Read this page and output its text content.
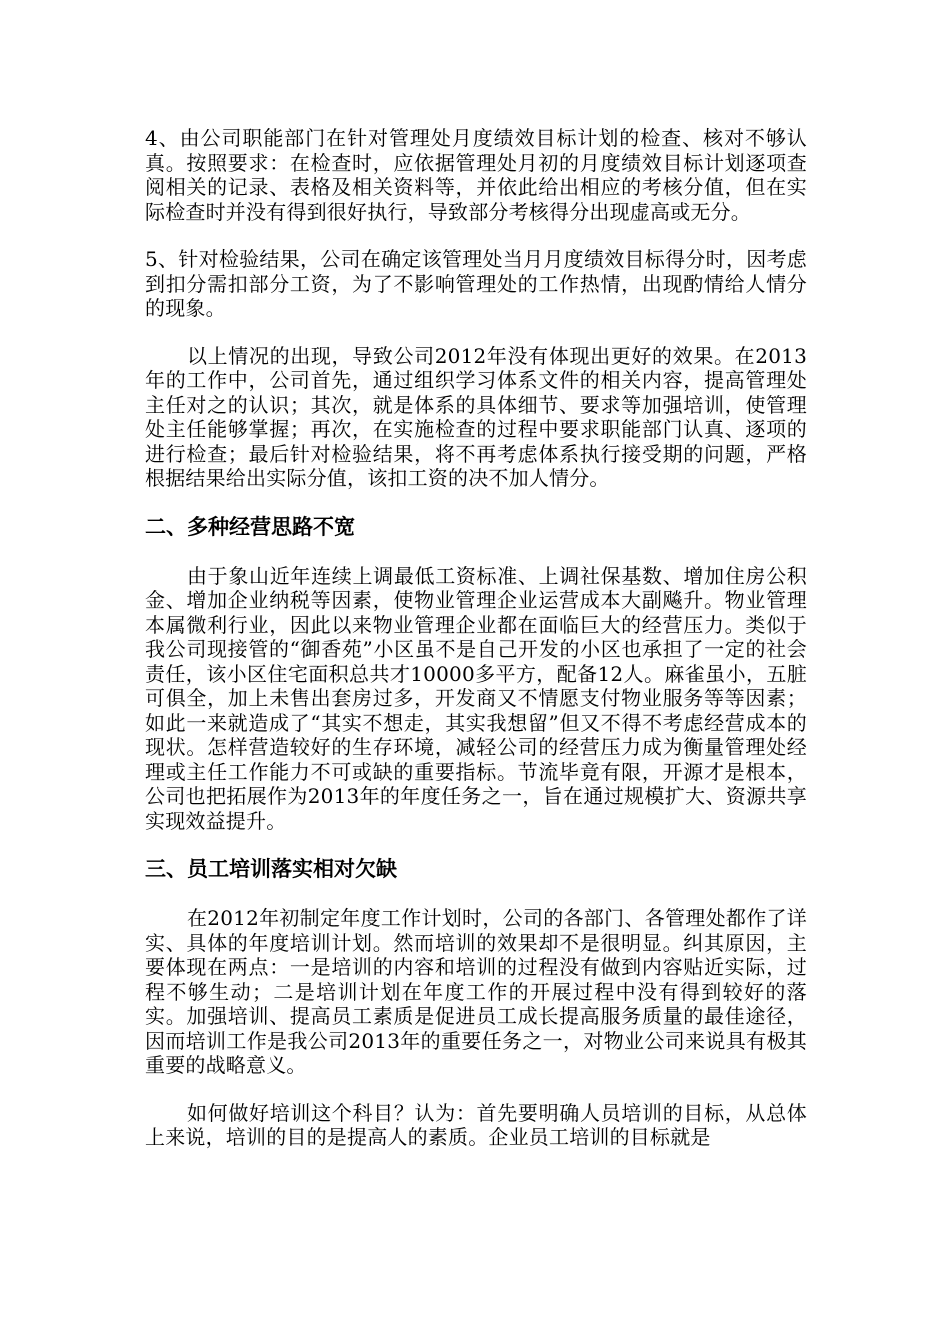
4、由公司职能部门在针对管理处月度绩效目标计划的检查、核对不够认真。按照要求：在检查时，应依据管理处月初的月度绩效目标计划逐项查阅相关的记录、表格及相关资料等，并依此给出相应的考核分值，但在实际检查时并没有得到很好执行，导致部分考核得分出现虚高或无分。

5、针对检验结果，公司在确定该管理处当月月度绩效目标得分时，因考虑到扣分需扣部分工资，为了不影响管理处的工作热情，出现酌情给人情分的现象。

以上情况的出现，导致公司2012年没有体现出更好的效果。在2013年的工作中，公司首先，通过组织学习体系文件的相关内容，提高管理处主任对之的认识；其次，就是体系的具体细节、要求等加强培训，使管理处主任能够掌握；再次，在实施检查的过程中要求职能部门认真、逐项的进行检查；最后针对检验结果，将不再考虑体系执行接受期的问题，严格根据结果给出实际分值，该扣工资的决不加人情分。

二、多种经营思路不宽

由于象山近年连续上调最低工资标准、上调社保基数、增加住房公积金、增加企业纳税等因素，使物业管理企业运营成本大副飚升。物业管理本属微利行业，因此以来物业管理企业都在面临巨大的经营压力。类似于我公司现接管的“御香苑”小区虽不是自己开发的小区也承担了一定的社会责任，该小区住宅面积总共才10000多平方，配备12人。麻雀虽小，五脏可俱全，加上未售出套房过多，开发商又不情愿支付物业服务等等因素；如此一来就造成了“其实不想走，其实我想留”但又不得不考虑经营成本的现状。怎样营造较好的生存环境，减轻公司的经营压力成为衡量管理处经理或主任工作能力不可或缺的重要指标。节流毕竟有限，开源才是根本，公司也把拓展作为2013年的年度任务之一，旨在通过规模扩大、资源共享实现效益提升。

三、员工培训落实相对欠缺

在2012年初制定年度工作计划时，公司的各部门、各管理处都作了详实、具体的年度培训计划。然而培训的效果却不是很明显。纠其原因，主要体现在两点：一是培训的内容和培训的过程没有做到内容贴近实际，过程不够生动；二是培训计划在年度工作的开展过程中没有得到较好的落实。加强培训、提高员工素质是促进员工成长提高服务质量的最佳途径，因而培训工作是我公司2013年的重要任务之一，对物业公司来说具有极其重要的战略意义。

如何做好培训这个科目？认为：首先要明确人员培训的目标，从总体上来说，培训的目的是提高人的素质。企业员工培训的目标就是
